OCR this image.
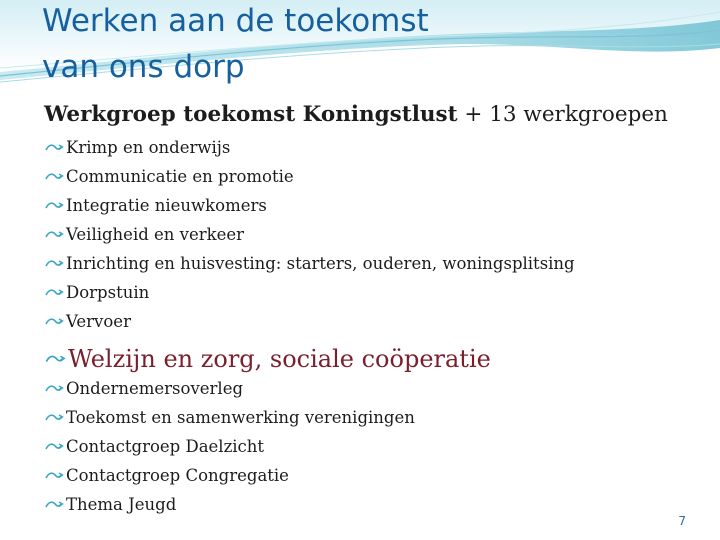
Werken aan de toekomst
van ons dorp

Werkgroep toekomst Koningstlust + 13 werkgroepen

Krimp en onderwijs
Communicatie en promotie
Integratie nieuwkomers
Veiligheid en verkeer
Inrichting en huisvesting: starters, ouderen, woningsplitsing
Dorpstuin
Vervoer
Welzijn en zorg, sociale coöperatie
Ondernemersoverleg
Toekomst en samenwerking verenigingen
Contactgroep Daelzicht
Contactgroep Congregatie
Thema Jeugd
7
